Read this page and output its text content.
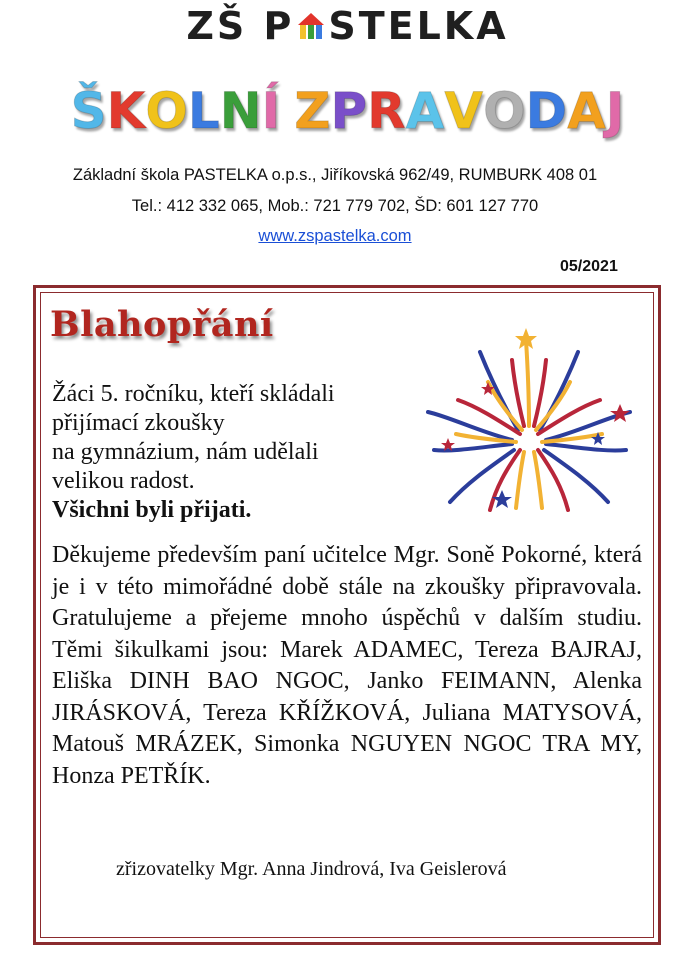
ZŠ P STELKA
ŠKOLNÍ ZPRAVODAJ
Základní škola PASTELKA o.p.s., Jiříkovská 962/49, RUMBURK 408 01
Tel.: 412 332 065, Mob.: 721 779 702, ŠD: 601 127 770
www.zspastelka.com
05/2021
Blahopřání
Žáci 5. ročníku, kteří skládali
přijímací zkoušky
na gymnázium, nám udělali
velikou radost.
Všichni byli přijati.
Děkujeme především paní učitelce Mgr. Soně Pokorné, která je i v této mimořádné době stále na zkoušky připravovala. Gratulujeme a přejeme mnoho úspěchů v dalším studiu. Těmi šikulkami jsou: Marek ADAMEC, Tereza BAJRAJ, Eliška DINH BAO NGOC, Janko FEIMANN, Alenka JIRÁSKOVÁ, Tereza KŘÍŽKOVÁ, Juliana MATYSOVÁ, Matouš MRÁZEK, Simonka NGUYEN NGOC TRA MY, Honza PETŘÍK.
zřizovatelky Mgr. Anna Jindrová, Iva Geislerová
